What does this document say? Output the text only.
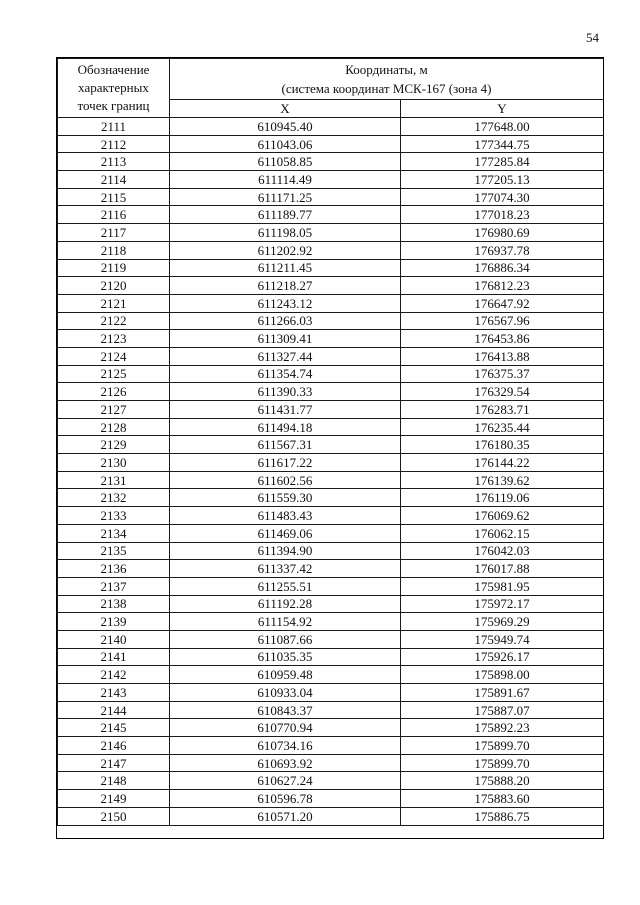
54
Обозначение
характерных
точек границ	Координаты, м
(система координат МСК-167 (зона 4)	
	X	Y
2111	610945.40	177648.00
2112	611043.06	177344.75
2113	611058.85	177285.84
2114	611114.49	177205.13
2115	611171.25	177074.30
2116	611189.77	177018.23
2117	611198.05	176980.69
2118	611202.92	176937.78
2119	611211.45	176886.34
2120	611218.27	176812.23
2121	611243.12	176647.92
2122	611266.03	176567.96
2123	611309.41	176453.86
2124	611327.44	176413.88
2125	611354.74	176375.37
2126	611390.33	176329.54
2127	611431.77	176283.71
2128	611494.18	176235.44
2129	611567.31	176180.35
2130	611617.22	176144.22
2131	611602.56	176139.62
2132	611559.30	176119.06
2133	611483.43	176069.62
2134	611469.06	176062.15
2135	611394.90	176042.03
2136	611337.42	176017.88
2137	611255.51	175981.95
2138	611192.28	175972.17
2139	611154.92	175969.29
2140	611087.66	175949.74
2141	611035.35	175926.17
2142	610959.48	175898.00
2143	610933.04	175891.67
2144	610843.37	175887.07
2145	610770.94	175892.23
2146	610734.16	175899.70
2147	610693.92	175899.70
2148	610627.24	175888.20
2149	610596.78	175883.60
2150	610571.20	175886.75
